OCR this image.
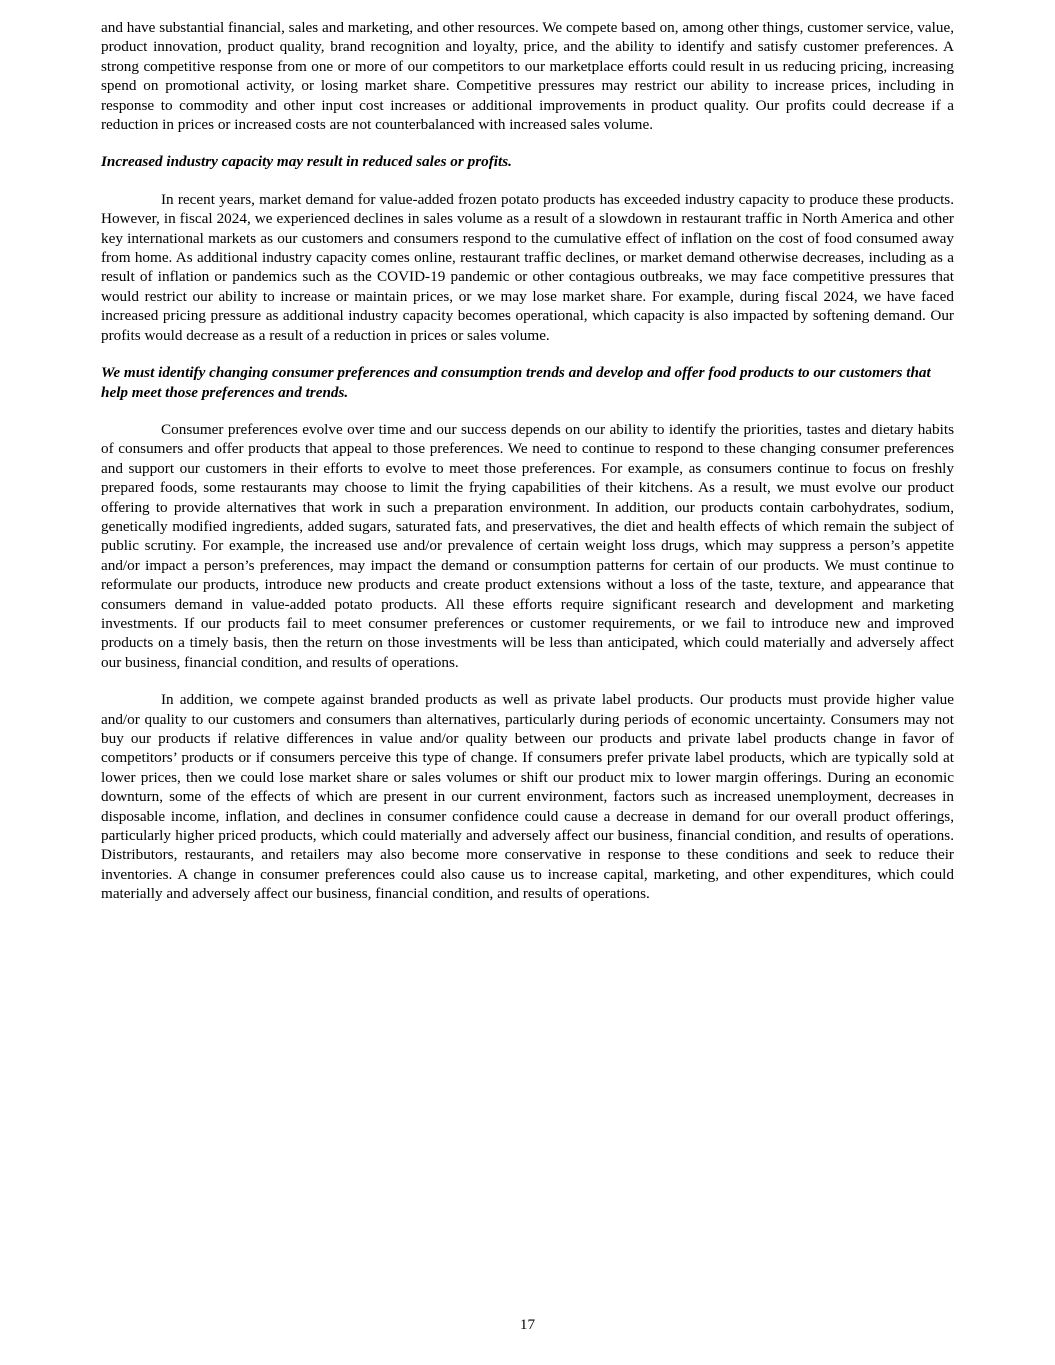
and have substantial financial, sales and marketing, and other resources. We compete based on, among other things, customer service, value, product innovation, product quality, brand recognition and loyalty, price, and the ability to identify and satisfy customer preferences. A strong competitive response from one or more of our competitors to our marketplace efforts could result in us reducing pricing, increasing spend on promotional activity, or losing market share. Competitive pressures may restrict our ability to increase prices, including in response to commodity and other input cost increases or additional improvements in product quality. Our profits could decrease if a reduction in prices or increased costs are not counterbalanced with increased sales volume.

Increased industry capacity may result in reduced sales or profits.

In recent years, market demand for value-added frozen potato products has exceeded industry capacity to produce these products. However, in fiscal 2024, we experienced declines in sales volume as a result of a slowdown in restaurant traffic in North America and other key international markets as our customers and consumers respond to the cumulative effect of inflation on the cost of food consumed away from home. As additional industry capacity comes online, restaurant traffic declines, or market demand otherwise decreases, including as a result of inflation or pandemics such as the COVID-19 pandemic or other contagious outbreaks, we may face competitive pressures that would restrict our ability to increase or maintain prices, or we may lose market share. For example, during fiscal 2024, we have faced increased pricing pressure as additional industry capacity becomes operational, which capacity is also impacted by softening demand. Our profits would decrease as a result of a reduction in prices or sales volume.

We must identify changing consumer preferences and consumption trends and develop and offer food products to our customers that help meet those preferences and trends.

Consumer preferences evolve over time and our success depends on our ability to identify the priorities, tastes and dietary habits of consumers and offer products that appeal to those preferences. We need to continue to respond to these changing consumer preferences and support our customers in their efforts to evolve to meet those preferences. For example, as consumers continue to focus on freshly prepared foods, some restaurants may choose to limit the frying capabilities of their kitchens. As a result, we must evolve our product offering to provide alternatives that work in such a preparation environment. In addition, our products contain carbohydrates, sodium, genetically modified ingredients, added sugars, saturated fats, and preservatives, the diet and health effects of which remain the subject of public scrutiny. For example, the increased use and/or prevalence of certain weight loss drugs, which may suppress a person’s appetite and/or impact a person’s preferences, may impact the demand or consumption patterns for certain of our products. We must continue to reformulate our products, introduce new products and create product extensions without a loss of the taste, texture, and appearance that consumers demand in value-added potato products. All these efforts require significant research and development and marketing investments. If our products fail to meet consumer preferences or customer requirements, or we fail to introduce new and improved products on a timely basis, then the return on those investments will be less than anticipated, which could materially and adversely affect our business, financial condition, and results of operations.

In addition, we compete against branded products as well as private label products. Our products must provide higher value and/or quality to our customers and consumers than alternatives, particularly during periods of economic uncertainty. Consumers may not buy our products if relative differences in value and/or quality between our products and private label products change in favor of competitors’ products or if consumers perceive this type of change. If consumers prefer private label products, which are typically sold at lower prices, then we could lose market share or sales volumes or shift our product mix to lower margin offerings. During an economic downturn, some of the effects of which are present in our current environment, factors such as increased unemployment, decreases in disposable income, inflation, and declines in consumer confidence could cause a decrease in demand for our overall product offerings, particularly higher priced products, which could materially and adversely affect our business, financial condition, and results of operations. Distributors, restaurants, and retailers may also become more conservative in response to these conditions and seek to reduce their inventories. A change in consumer preferences could also cause us to increase capital, marketing, and other expenditures, which could materially and adversely affect our business, financial condition, and results of operations.

17
